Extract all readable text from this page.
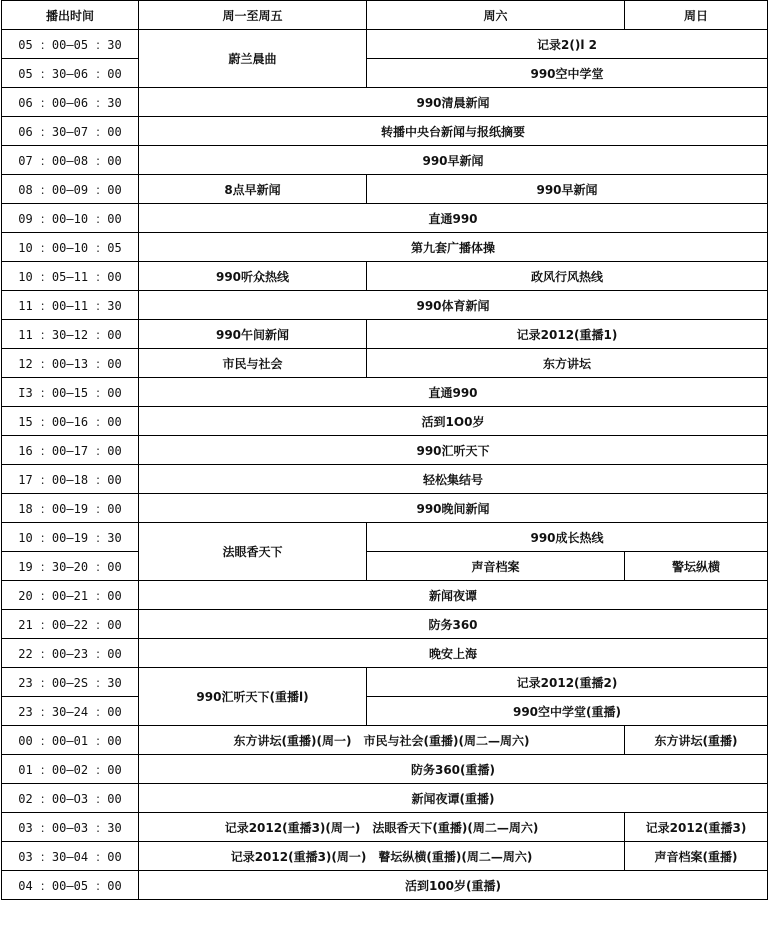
播出时间	周一至周五	周六	周日
05 ：00—05 ：30	蔚兰晨曲	记录2()l 2	
05 ：30—06 ：00		990空中学堂	
06 ：00—06 ：30	990清晨新闻		
06 ：30—07 ：00	转播中央台新闻与报纸摘要		
07 ：00—08 ：00	990早新闻		
08 ：00—09 ：00	8点早新闻	990早新闻	
09 ：00—10 ：00	直通990		
10 ：00—10 ：05	第九套广播体操		
10 ：05—11 ：00	990听众热线	政风行风热线	
11 ：00—11 ：30	990体育新闻		
11 ：30—12 ：00	990午间新闻	记录2012(重播1)	
12 ：00—13 ：00	市民与社会	东方讲坛	
I3 ：00—15 ：00	直通990		
15 ：00—16 ：00	活到1O0岁		
16 ：00—17 ：00	990汇听天下		
17 ：00—18 ：00	轻松集结号		
18 ：00—19 ：00	990晚间新闻		
10 ：00—19 ：30	法眼香天下	990成长热线	
19 ：30—20 ：00		声音档案	警坛纵横
20 ：00—21 ：00	新闻夜谭		
21 ：00—22 ：00	防务360		
22 ：00—23 ：00	晚安上海		
23 ：00—2S ：30	990汇听天下(重播l)	记录2012(重播2)	
23 ：30—24 ：00		990空中学堂(重播)	
00 ：00—01 ：00	东方讲坛(重播)(周一)　市民与社会(重播)(周二—周六)		东方讲坛(重播)
01 ：00—02 ：00	防务360(重播)		
02 ：00—O3 ：00	新闻夜谭(重播)		
03 ：00—03 ：30	记录2012(重播3)(周一)　法眼香天下(重播)(周二—周六)		记录2012(重播3)
03 ：30—04 ：00	记录2012(重播3)(周一)　瞽坛纵横(重播)(周二—周六)		声音档案(重播)
04 ：00—05 ：00	活到100岁(重播)		
